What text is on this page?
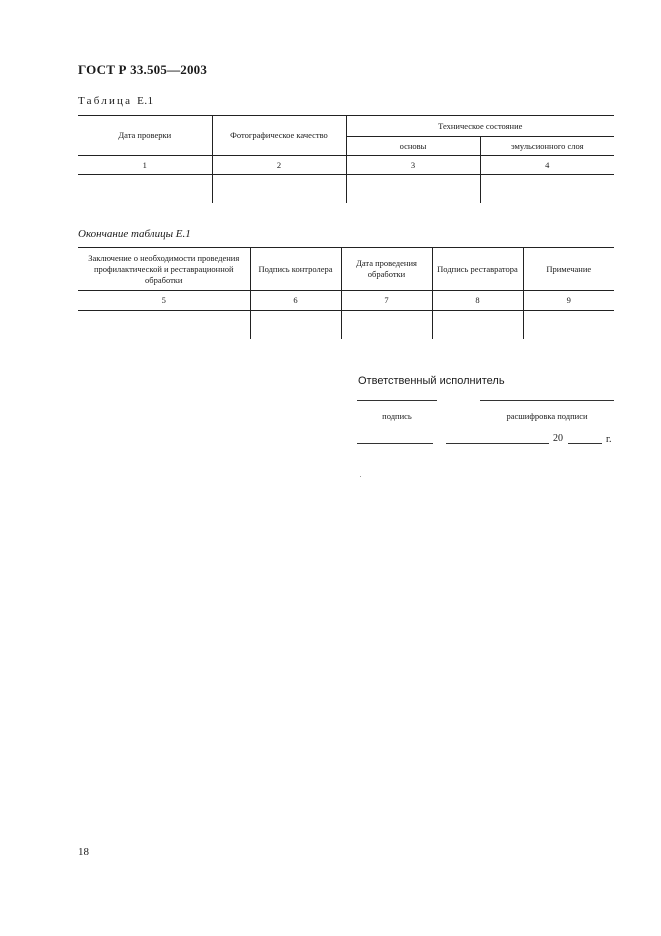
ГОСТ Р 33.505—2003
Таблица Е.1
Дата проверки	Фотографическое качество	Техническое состояние	
		основы	эмульсионного слоя
1	2	3	4

Окончание таблицы Е.1
Заключение о необходимости проведения профилактической и реставрационной обработки	Подпись контролера	Дата проведения обработки	Подпись реставратора	Примечание
5	6	7	8	9

Ответственный исполнитель
подпись	расшифровка подписи
20	г.
18
